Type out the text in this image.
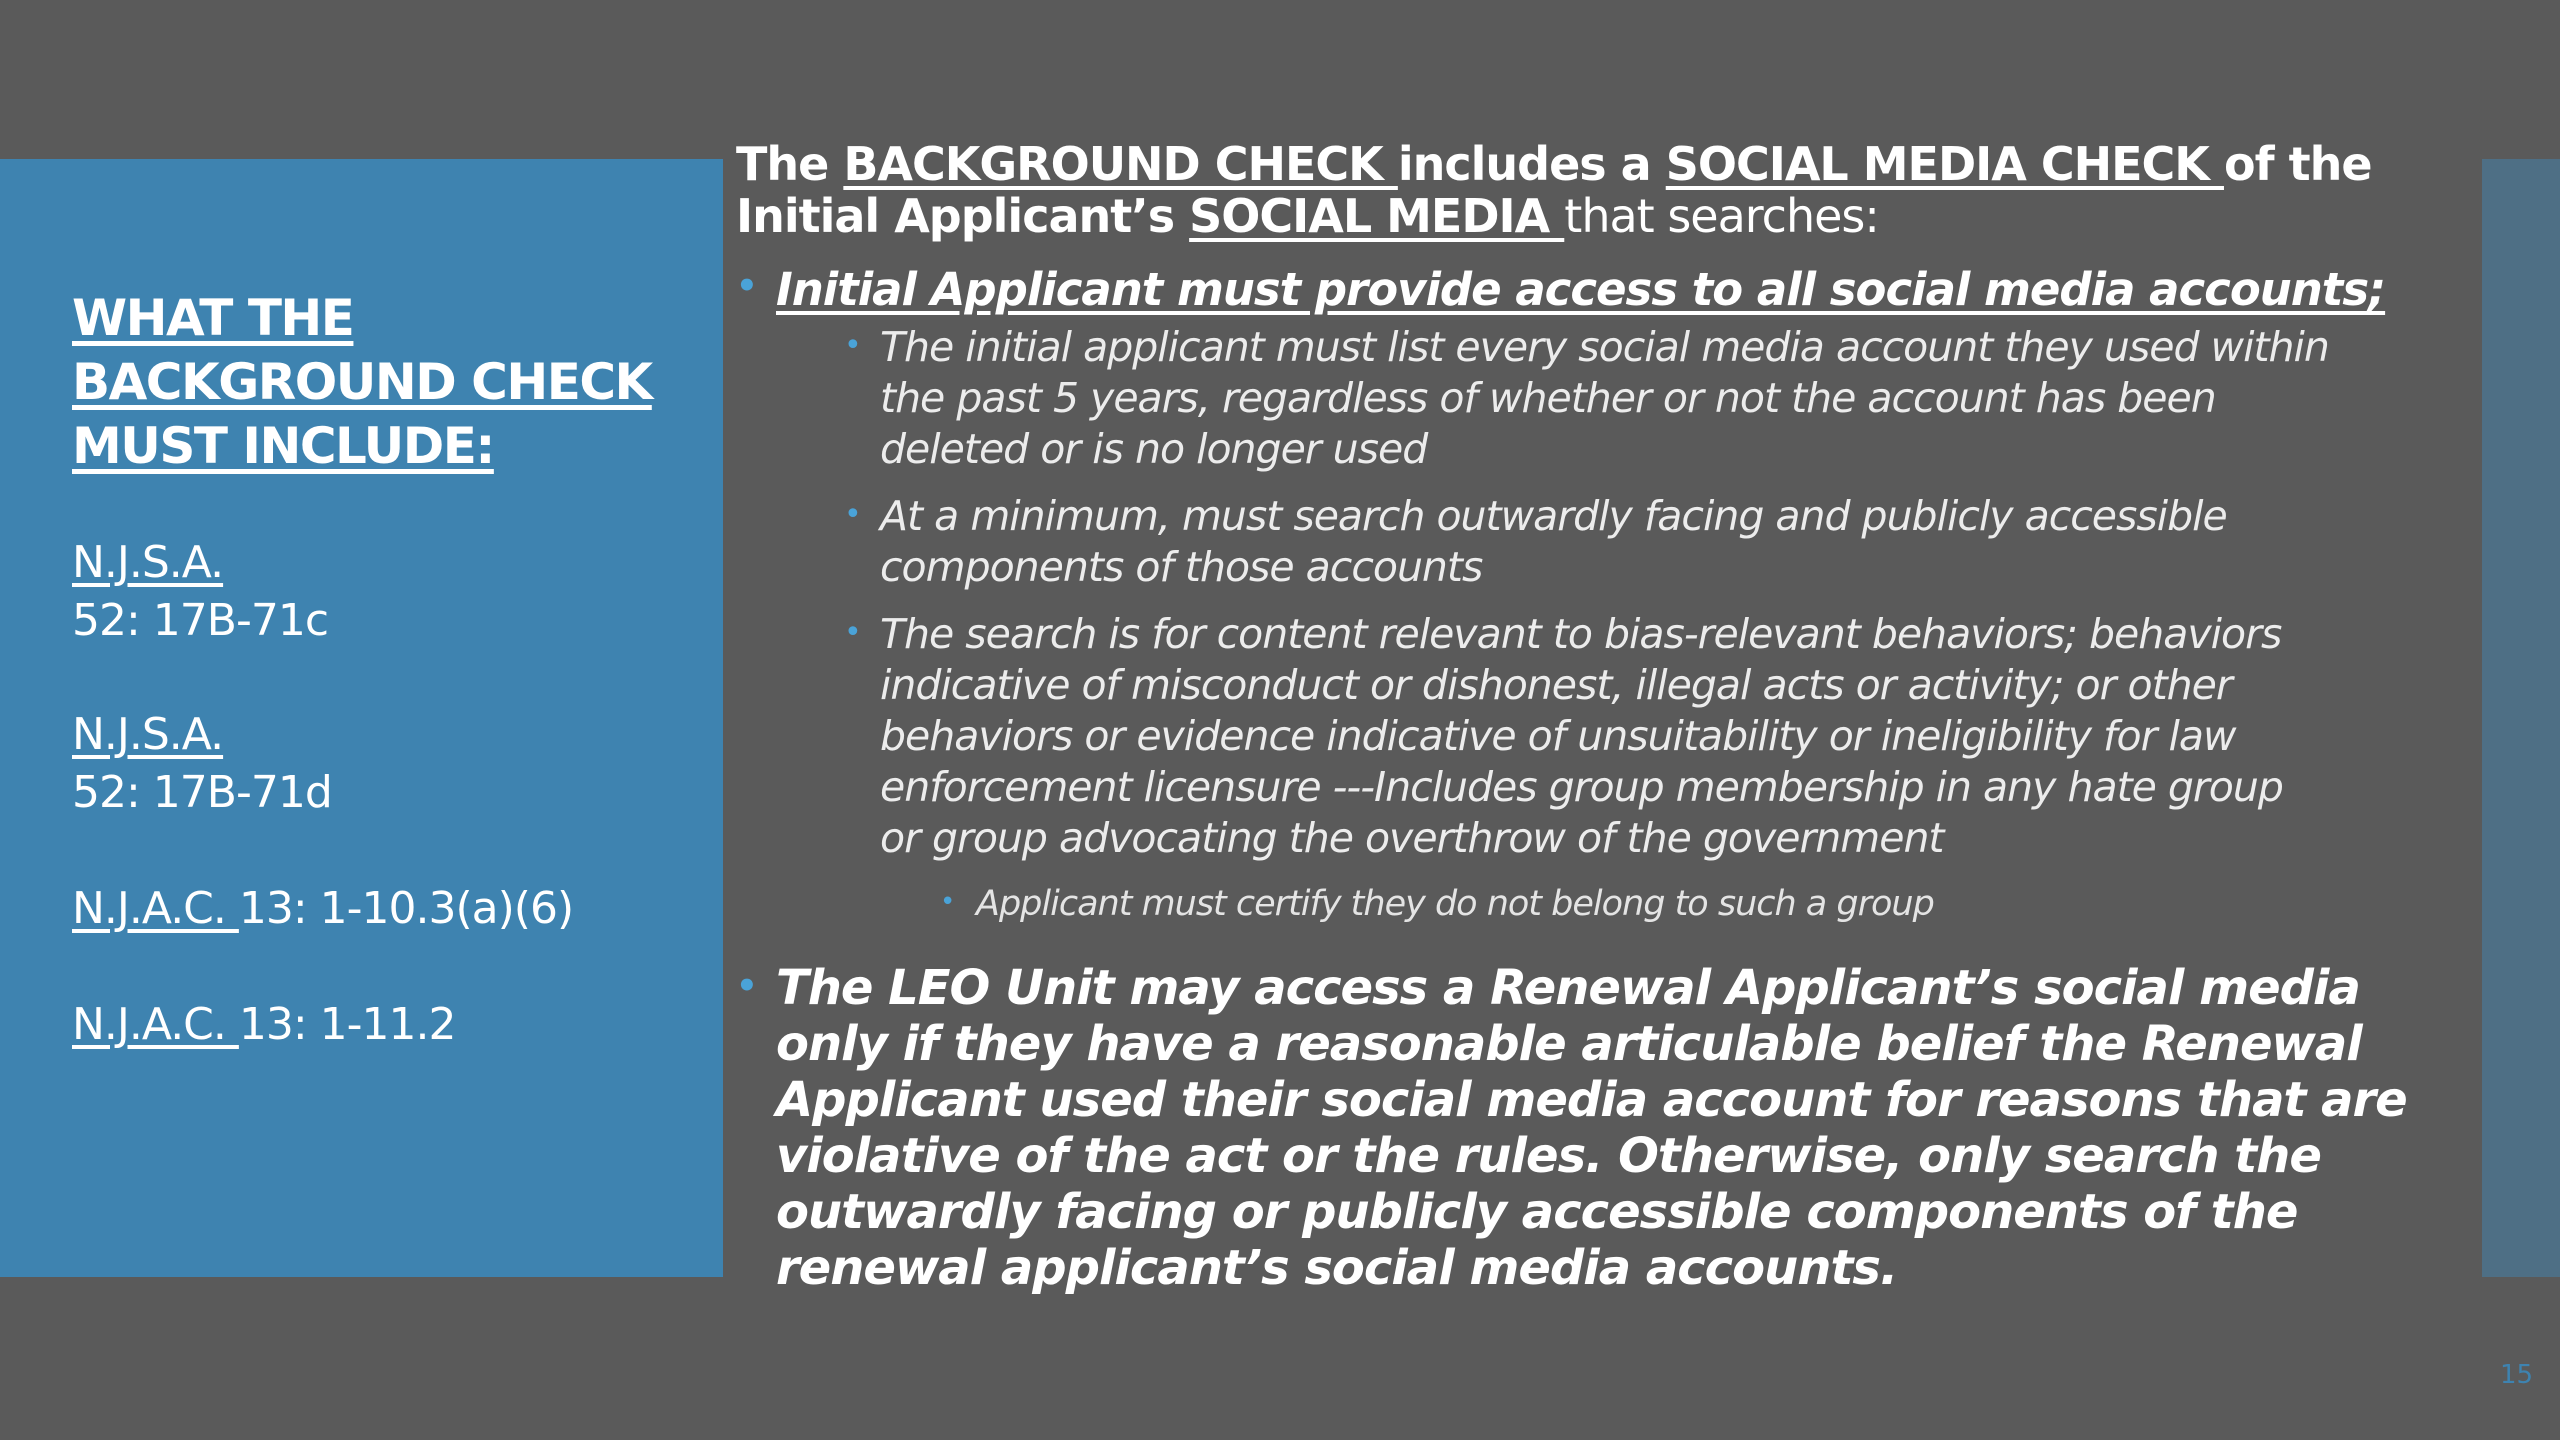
WHAT THE
BACKGROUND CHECK
MUST INCLUDE:
N.J.S.A.
52: 17B-71c
N.J.S.A.
52: 17B-71d
N.J.A.C. 13: 1-10.3(a)(6)
N.J.A.C. 13: 1-11.2
The BACKGROUND CHECK includes a SOCIAL MEDIA CHECK of the
Initial Applicant’s SOCIAL MEDIA that searches:
• Initial Applicant must provide access to all social media accounts;
• The initial applicant must list every social media account they used within the past 5 years, regardless of whether or not the account has been deleted or is no longer used
• At a minimum, must search outwardly facing and publicly accessible components of those accounts
• The search is for content relevant to bias-relevant behaviors; behaviors indicative of misconduct or dishonest, illegal acts or activity; or other behaviors or evidence indicative of unsuitability or ineligibility for law enforcement licensure ---Includes group membership in any hate group or group advocating the overthrow of the government
• Applicant must certify they do not belong to such a group
• The LEO Unit may access a Renewal Applicant’s social media only if they have a reasonable articulable belief the Renewal Applicant used their social media account for reasons that are violative of the act or the rules. Otherwise, only search the outwardly facing or publicly accessible components of the renewal applicant’s social media accounts.
15
